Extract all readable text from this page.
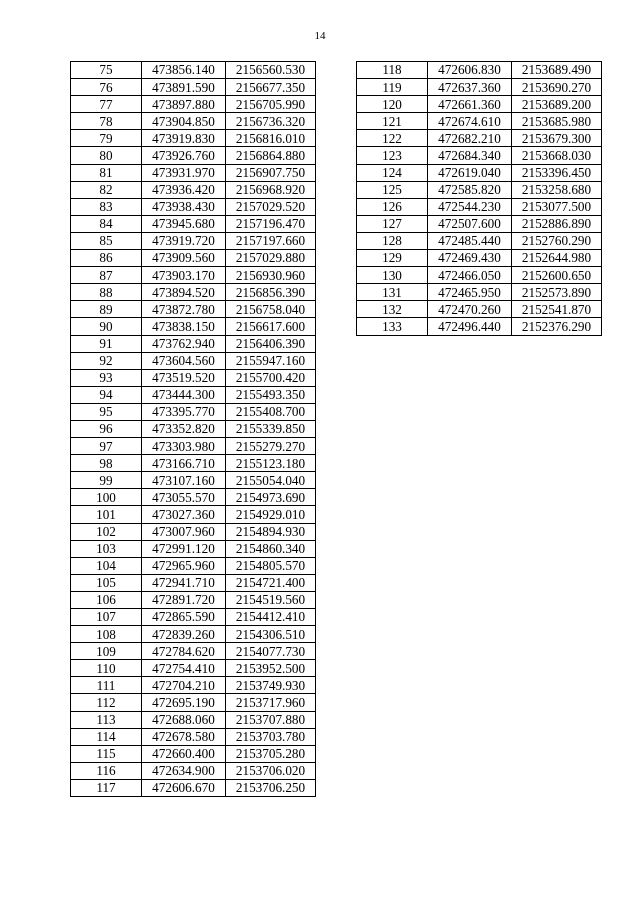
14
75	473856.140	2156560.530
76	473891.590	2156677.350
77	473897.880	2156705.990
78	473904.850	2156736.320
79	473919.830	2156816.010
80	473926.760	2156864.880
81	473931.970	2156907.750
82	473936.420	2156968.920
83	473938.430	2157029.520
84	473945.680	2157196.470
85	473919.720	2157197.660
86	473909.560	2157029.880
87	473903.170	2156930.960
88	473894.520	2156856.390
89	473872.780	2156758.040
90	473838.150	2156617.600
91	473762.940	2156406.390
92	473604.560	2155947.160
93	473519.520	2155700.420
94	473444.300	2155493.350
95	473395.770	2155408.700
96	473352.820	2155339.850
97	473303.980	2155279.270
98	473166.710	2155123.180
99	473107.160	2155054.040
100	473055.570	2154973.690
101	473027.360	2154929.010
102	473007.960	2154894.930
103	472991.120	2154860.340
104	472965.960	2154805.570
105	472941.710	2154721.400
106	472891.720	2154519.560
107	472865.590	2154412.410
108	472839.260	2154306.510
109	472784.620	2154077.730
110	472754.410	2153952.500
111	472704.210	2153749.930
112	472695.190	2153717.960
113	472688.060	2153707.880
114	472678.580	2153703.780
115	472660.400	2153705.280
116	472634.900	2153706.020
117	472606.670	2153706.250
118	472606.830	2153689.490
119	472637.360	2153690.270
120	472661.360	2153689.200
121	472674.610	2153685.980
122	472682.210	2153679.300
123	472684.340	2153668.030
124	472619.040	2153396.450
125	472585.820	2153258.680
126	472544.230	2153077.500
127	472507.600	2152886.890
128	472485.440	2152760.290
129	472469.430	2152644.980
130	472466.050	2152600.650
131	472465.950	2152573.890
132	472470.260	2152541.870
133	472496.440	2152376.290
